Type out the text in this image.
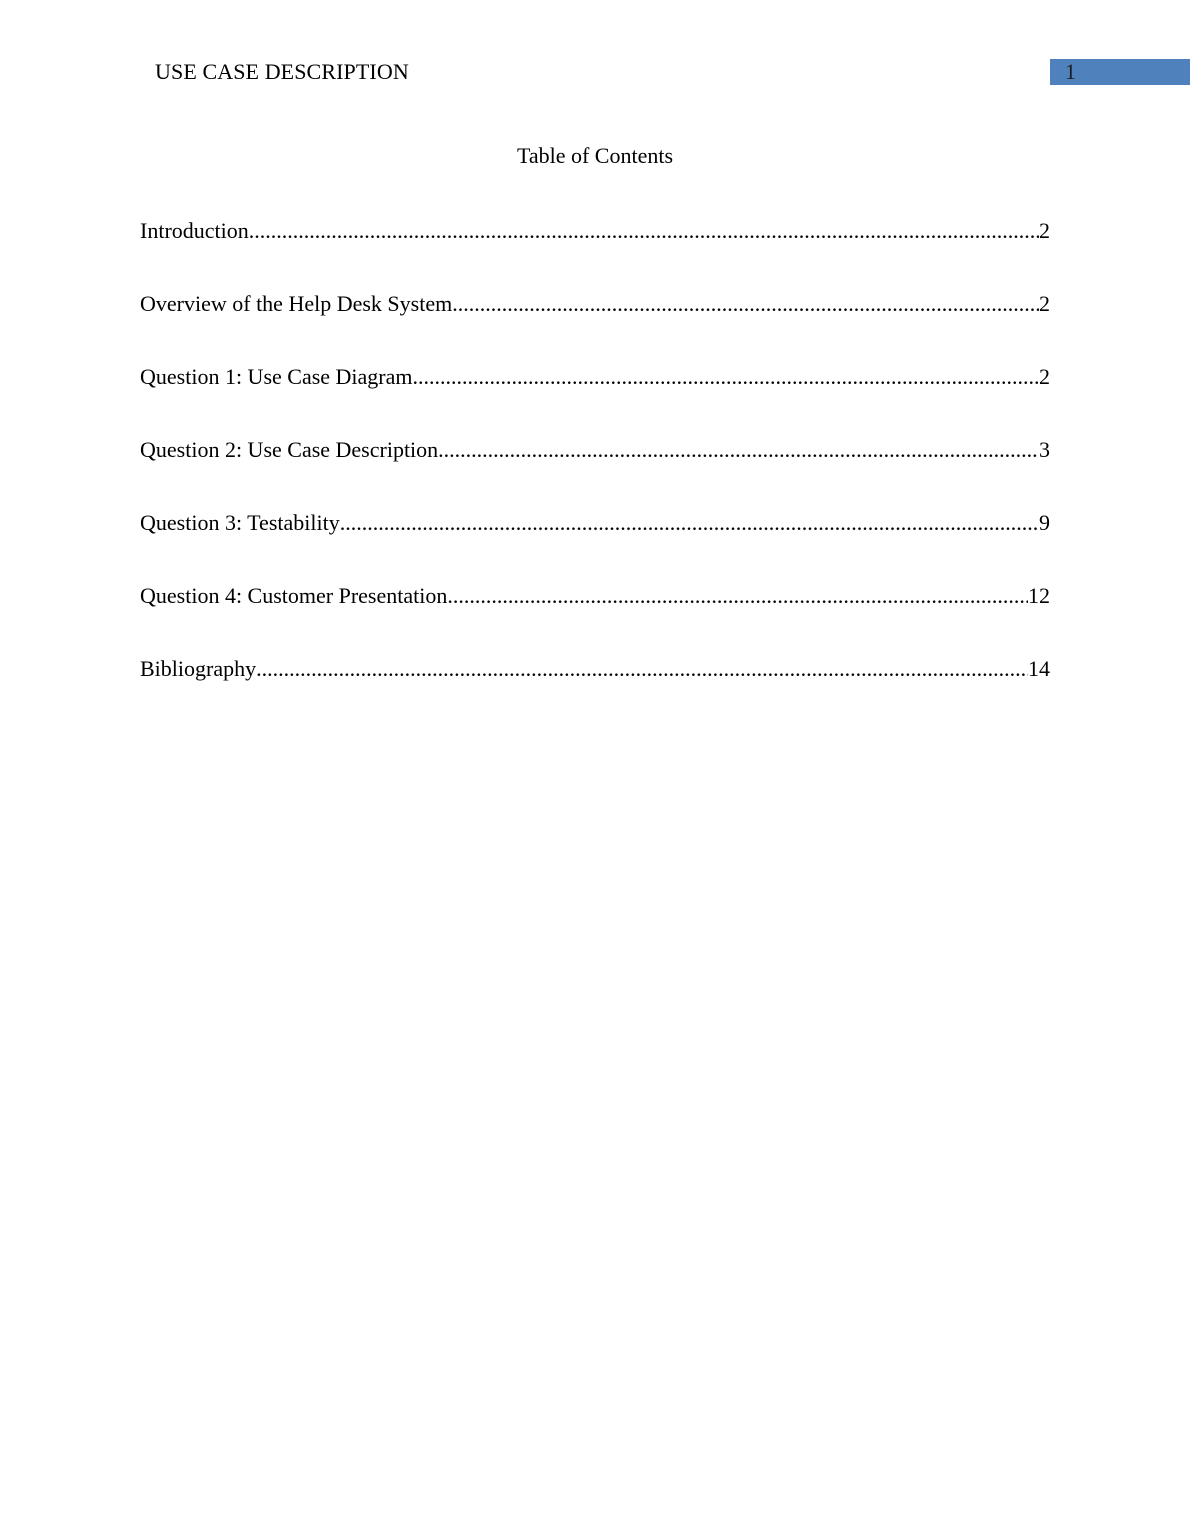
USE CASE DESCRIPTION	1
Table of Contents
Introduction .....	2
Overview of the Help Desk System .....	2
Question 1: Use Case Diagram .....	2
Question 2: Use Case Description .....	3
Question 3: Testability .....	9
Question 4: Customer Presentation .....	12
Bibliography .....	14
